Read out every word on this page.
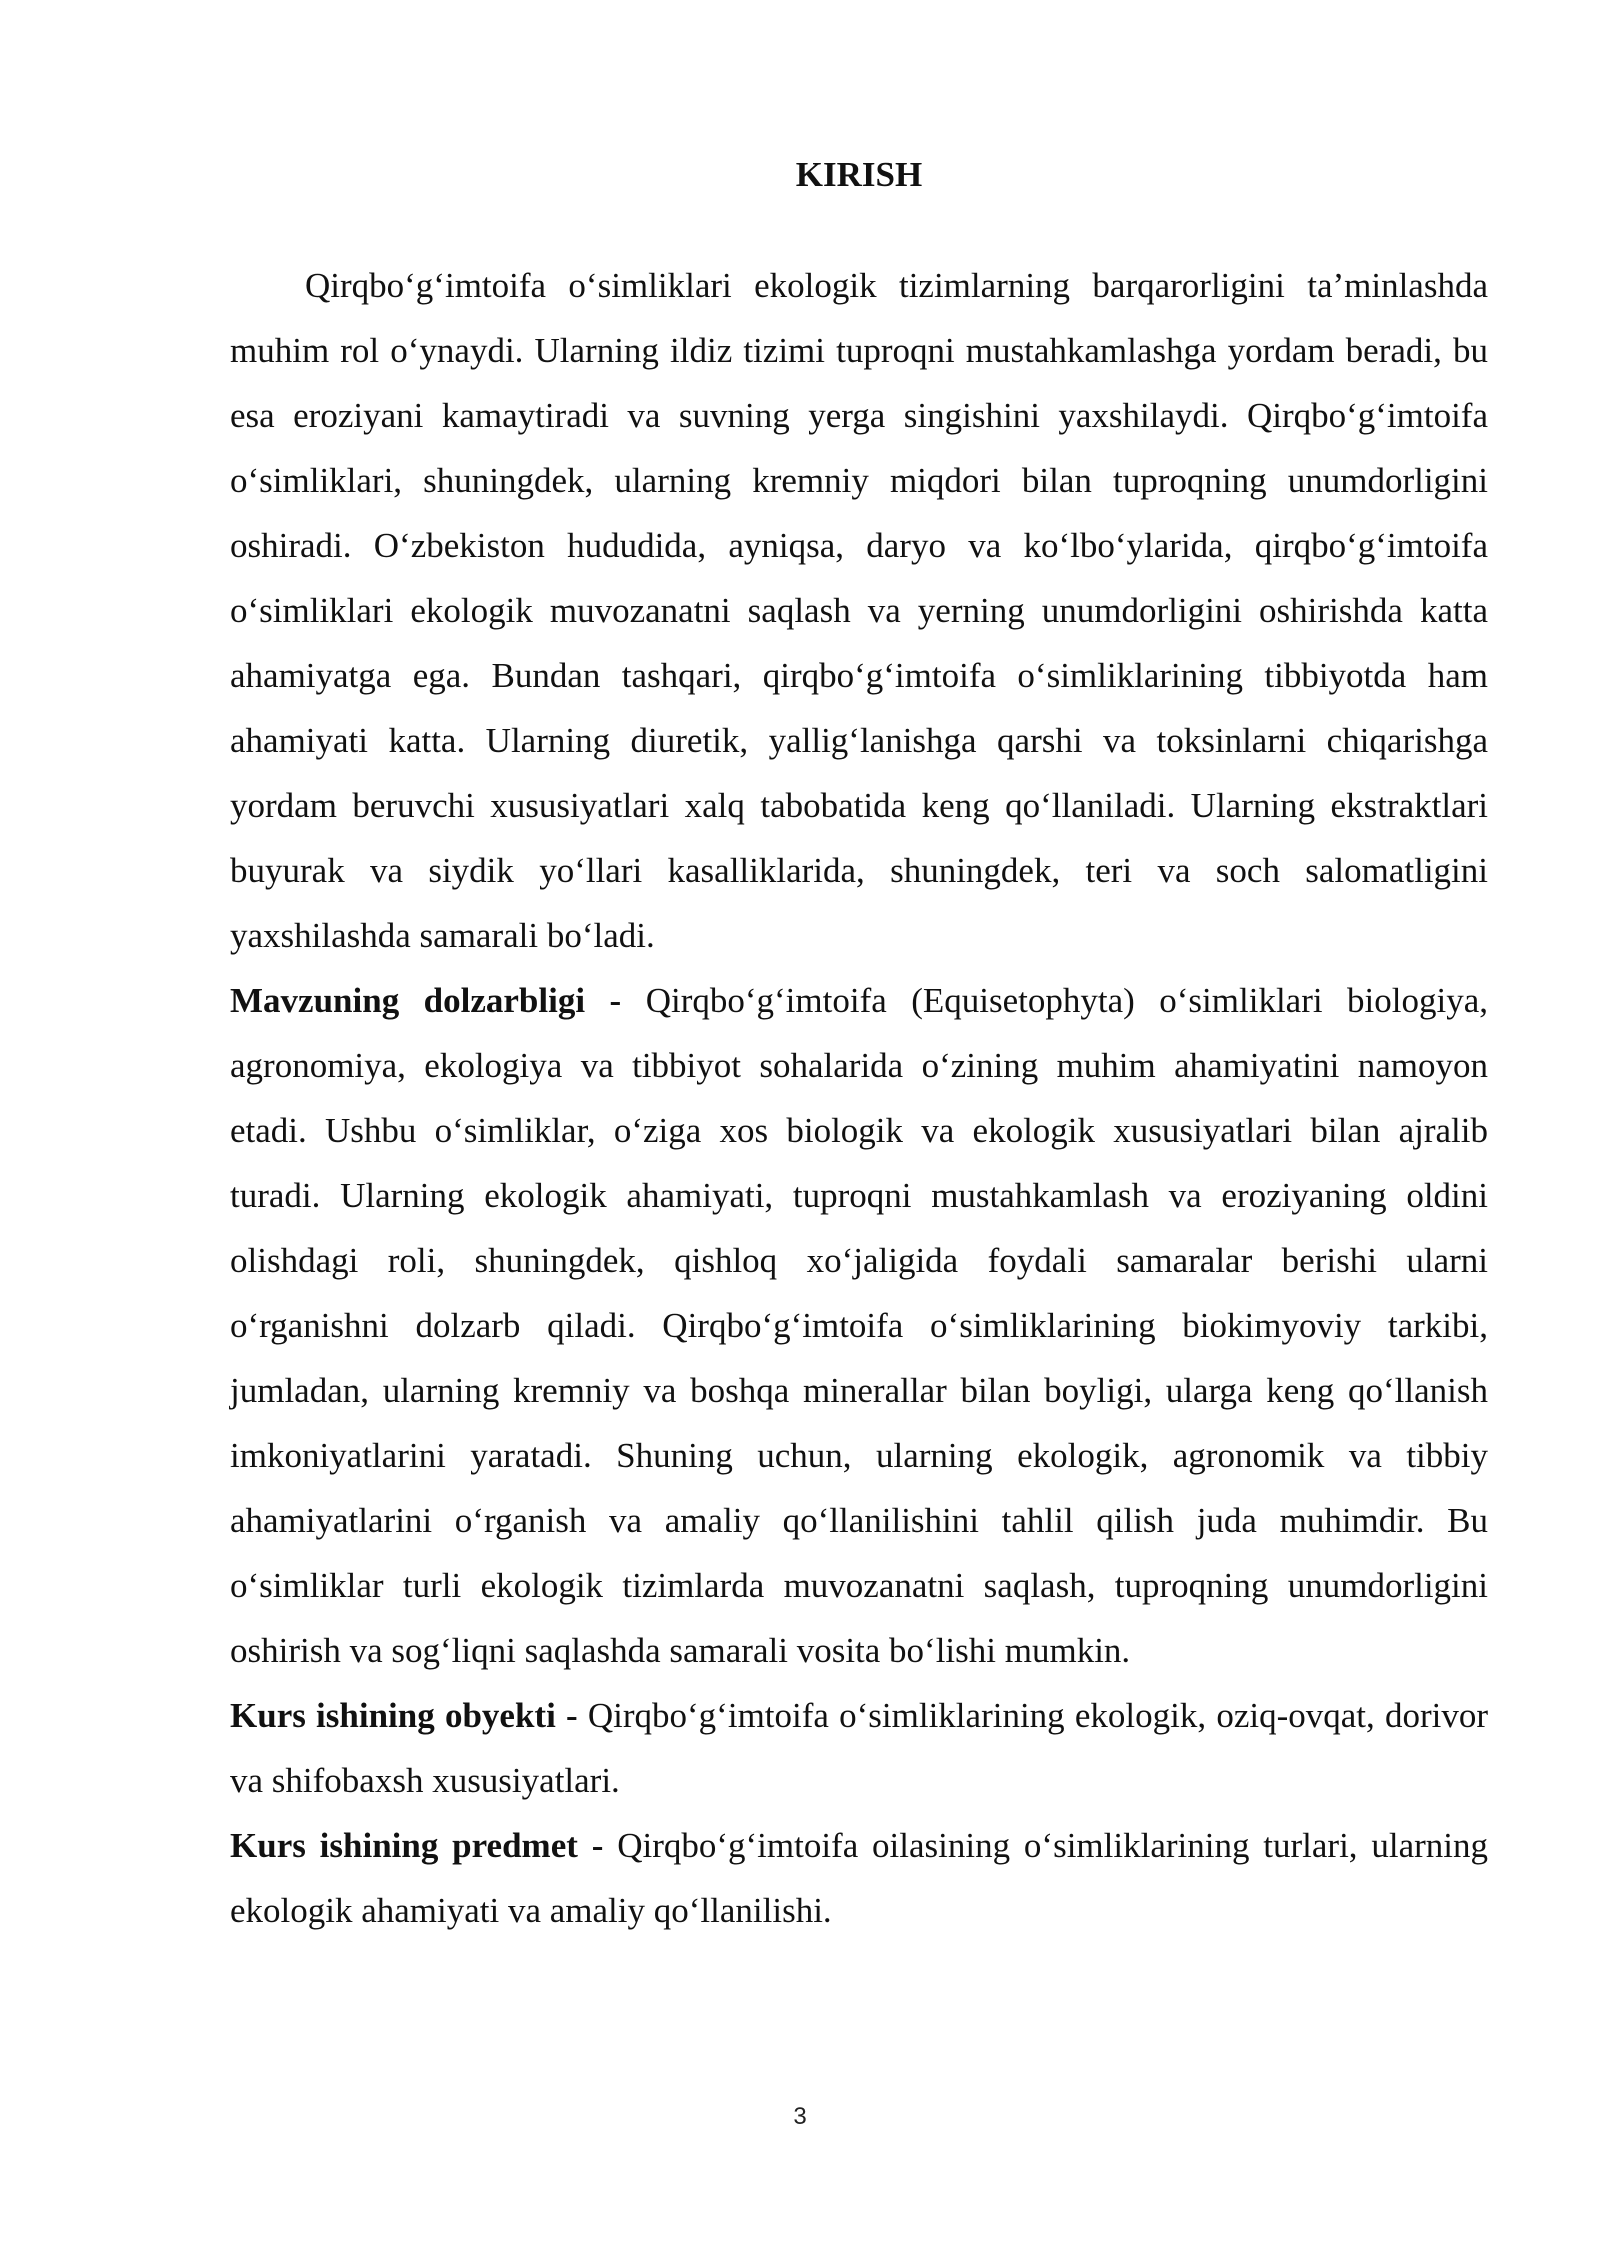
KIRISH

Qirqbo‘g‘imtoifa o‘simliklari ekologik tizimlarning barqarorligini ta’minlashda muhim rol o‘ynaydi. Ularning ildiz tizimi tuproqni mustahkamlashga yordam beradi, bu esa eroziyani kamaytiradi va suvning yerga singishini yaxshilaydi. Qirqbo‘g‘imtoifa o‘simliklari, shuningdek, ularning kremniy miqdori bilan tuproqning unumdorligini oshiradi. O‘zbekiston hududida, ayniqsa, daryo va ko‘lbo‘ylarida, qirqbo‘g‘imtoifa o‘simliklari ekologik muvozanatni saqlash va yerning unumdorligini oshirishda katta ahamiyatga ega. Bundan tashqari, qirqbo‘g‘imtoifa o‘simliklarining tibbiyotda ham ahamiyati katta. Ularning diuretik, yallig‘lanishga qarshi va toksinlarni chiqarishga yordam beruvchi xususiyatlari xalq tabobatida keng qo‘llaniladi. Ularning ekstraktlari buyurak va siydik yo‘llari kasalliklarida, shuningdek, teri va soch salomatligini yaxshilashda samarali bo‘ladi.

Mavzuning dolzarbligi - Qirqbo‘g‘imtoifa (Equisetophyta) o‘simliklari biologiya, agronomiya, ekologiya va tibbiyot sohalarida o‘zining muhim ahamiyatini namoyon etadi. Ushbu o‘simliklar, o‘ziga xos biologik va ekologik xususiyatlari bilan ajralib turadi. Ularning ekologik ahamiyati, tuproqni mustahkamlash va eroziyaning oldini olishdagi roli, shuningdek, qishloq xo‘jaligida foydali samaralar berishi ularni o‘rganishni dolzarb qiladi. Qirqbo‘g‘imtoifa o‘simliklarining biokimyoviy tarkibi, jumladan, ularning kremniy va boshqa minerallar bilan boyligi, ularga keng qo‘llanish imkoniyatlarini yaratadi. Shuning uchun, ularning ekologik, agronomik va tibbiy ahamiyatlarini o‘rganish va amaliy qo‘llanilishini tahlil qilish juda muhimdir. Bu o‘simliklar turli ekologik tizimlarda muvozanatni saqlash, tuproqning unumdorligini oshirish va sog‘liqni saqlashda samarali vosita bo‘lishi mumkin.

Kurs ishining obyekti - Qirqbo‘g‘imtoifa o‘simliklarining ekologik, oziq-ovqat, dorivor va shifobaxsh xususiyatlari.

Kurs ishining predmet - Qirqbo‘g‘imtoifa oilasining o‘simliklarining turlari, ularning ekologik ahamiyati va amaliy qo‘llanilishi.

3
